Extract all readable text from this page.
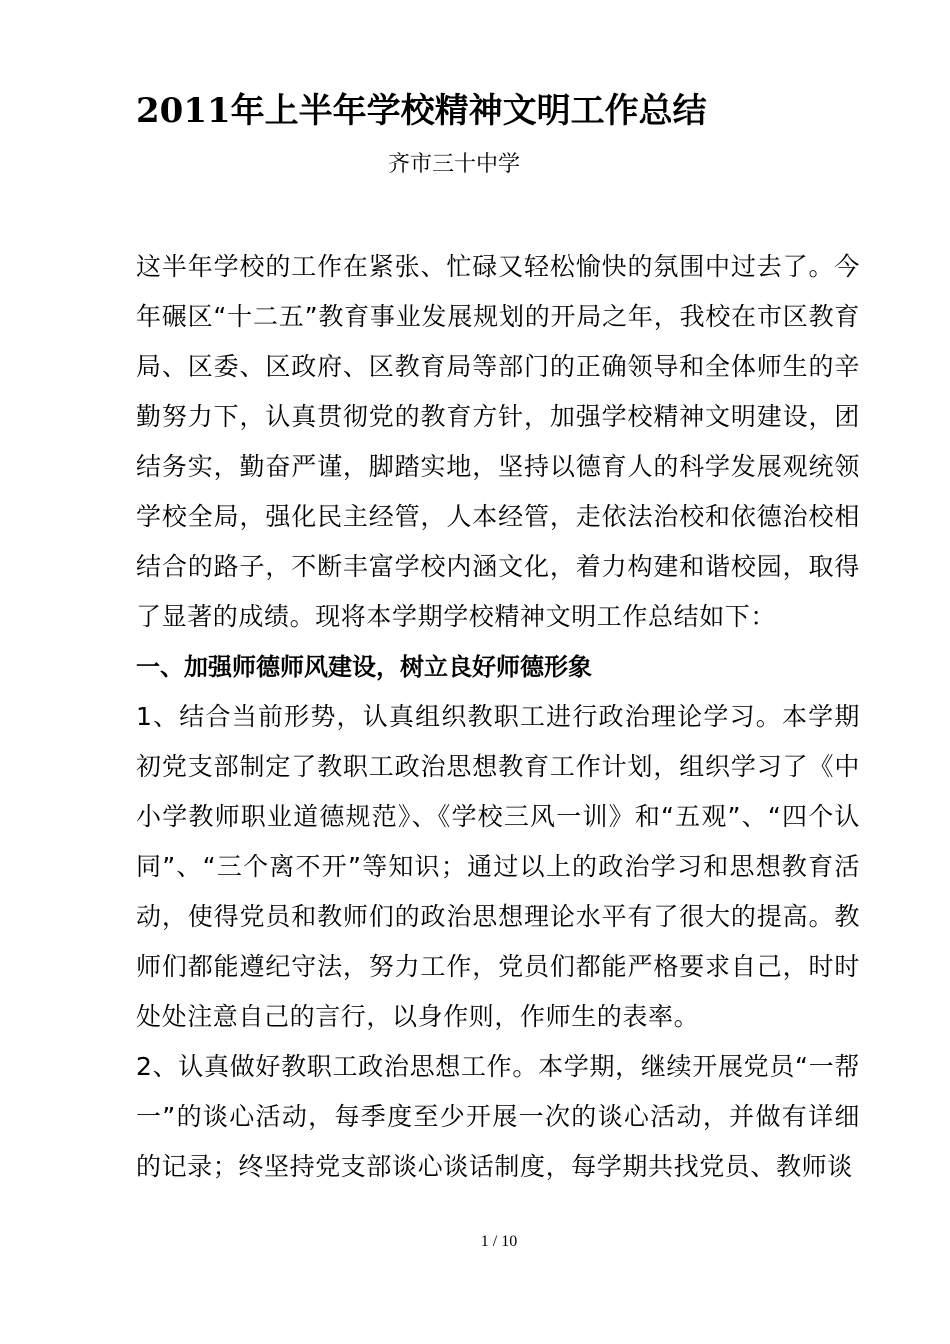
2011年上半年学校精神文明工作总结
齐市三十中学

这半年学校的工作在紧张、忙碌又轻松愉快的氛围中过去了。今年碾区“十二五”教育事业发展规划的开局之年，我校在市区教育局、区委、区政府、区教育局等部门的正确领导和全体师生的辛勤努力下，认真贯彻党的教育方针，加强学校精神文明建设，团结务实，勤奋严谨，脚踏实地，坚持以德育人的科学发展观统领学校全局，强化民主经管，人本经管，走依法治校和依德治校相结合的路子，不断丰富学校内涵文化，着力构建和谐校园，取得了显著的成绩。现将本学期学校精神文明工作总结如下：

一、加强师德师风建设，树立良好师德形象

1、结合当前形势，认真组织教职工进行政治理论学习。本学期初党支部制定了教职工政治思想教育工作计划，组织学习了《中小学教师职业道德规范》、《学校三风一训》和“五观”、“四个认同”、“三个离不开”等知识；通过以上的政治学习和思想教育活动，使得党员和教师们的政治思想理论水平有了很大的提高。教师们都能遵纪守法，努力工作，党员们都能严格要求自己，时时处处注意自己的言行，以身作则，作师生的表率。

2、认真做好教职工政治思想工作。本学期，继续开展党员“一帮一”的谈心活动，每季度至少开展一次的谈心活动，并做有详细的记录；终坚持党支部谈心谈话制度，每学期共找党员、教师谈

1 / 10
